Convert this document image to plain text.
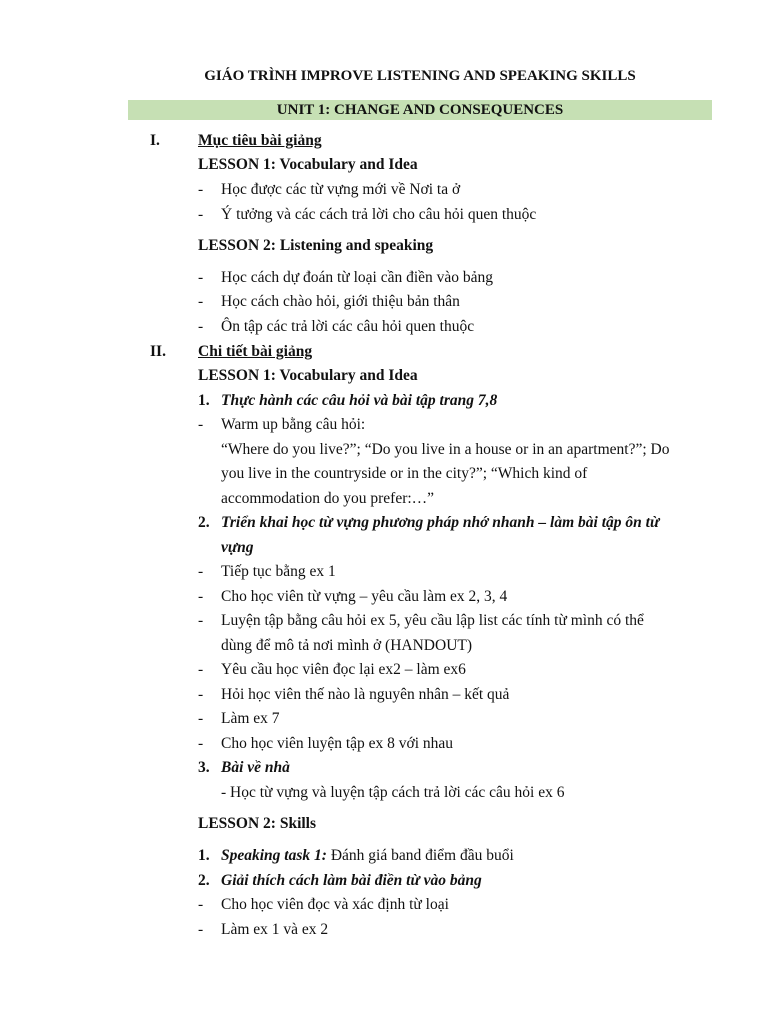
GIÁO TRÌNH IMPROVE LISTENING AND SPEAKING SKILLS
UNIT 1: CHANGE AND CONSEQUENCES
I. Mục tiêu bài giảng
LESSON 1: Vocabulary and Idea
- Học được các từ vựng mới về Nơi ta ở
- Ý tưởng và các cách trả lời cho câu hỏi quen thuộc
LESSON 2: Listening and speaking
- Học cách dự đoán từ loại cần điền vào bảng
- Học cách chào hỏi, giới thiệu bản thân
- Ôn tập các trả lời các câu hỏi quen thuộc
II. Chi tiết bài giảng
LESSON 1: Vocabulary and Idea
1. Thực hành các câu hỏi và bài tập trang 7,8
- Warm up bằng câu hỏi:
“Where do you live?”; “Do you live in a house or in an apartment?”; Do
you live in the countryside or in the city?”; “Which kind of
accommodation do you prefer:…”
2. Triển khai học từ vựng phương pháp nhớ nhanh – làm bài tập ôn từ
vựng
- Tiếp tục bằng ex 1
- Cho học viên từ vựng – yêu cầu làm ex 2, 3, 4
- Luyện tập bằng câu hỏi ex 5, yêu cầu lập list các tính từ mình có thể
dùng để mô tả nơi mình ở (HANDOUT)
- Yêu cầu học viên đọc lại ex2 – làm ex6
- Hỏi học viên thế nào là nguyên nhân – kết quả
- Làm ex 7
- Cho học viên luyện tập ex 8 với nhau
3. Bài về nhà
- Học từ vựng và luyện tập cách trả lời các câu hỏi ex 6
LESSON 2: Skills
1. Speaking task 1: Đánh giá band điểm đầu buổi
2. Giải thích cách làm bài điền từ vào bảng
- Cho học viên đọc và xác định từ loại
- Làm ex 1 và ex 2
